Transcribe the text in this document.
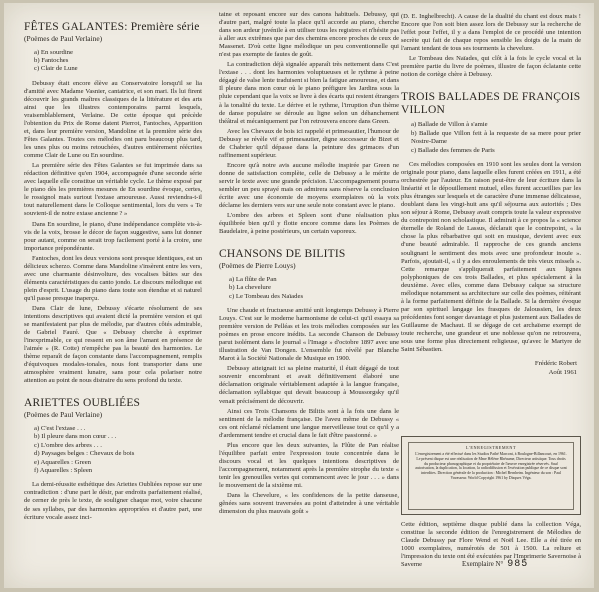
FÊTES GALANTES: Première série
(Poèmes de Paul Verlaine)
a) En sourdine
b) Fantoches
c) Clair de Lune

Debussy était encore élève au Conservatoire lorsqu'il se lia d'amitié avec Madame Vasnier, cantatrice, et son mari. Ils lui firent découvrir les grands maîtres classiques de la littérature et des arts ainsi que les illustres contemporains parmi lesquels, vraisemblablement, Verlaine. De cette époque qui précède l'obtention du Prix de Rome datent Pierrot, Fantoches, Apparition et, dans leur première version, Mandoline et la première série des Fêtes Galantes. Toutes ces mélodies ont paru beaucoup plus tard, les unes plus ou moins retouchées, d'autres entièrement réécrites comme Clair de Lune ou En sourdine.

La première série des Fêtes Galantes se fut imprimée dans sa rédaction définitive qu'en 1904, accompagnée d'une seconde série avec laquelle elle constitue un véritable cycle. Le thème exposé par le piano dès les premières mesures de En sourdine évoque, certes, le rossignol mais surtout l'extase amoureuse. Aussi reviendra-t-il tout naturellement dans le Colloque sentimental, lors du vers « Te souvient-il de notre extase ancienne ? »

Dans En sourdine, le piano, d'une indépendance complète vis-à-vis de la voix, brosse le décor de façon suggestive, sans lui donner pour autant, comme on serait trop facilement porté à la croire, une importance prépondérante.

Fantoches, dont les deux versions sont presque identiques, est un délicieux scherzo. Comme dans Mandoline s'insèrent entre les vers, avec une charmante désinvolture, des vocalises bâties sur des éléments caractéristiques du canto jondo. Le discours mélodique est plein d'esprit. L'usage du piano dans toute son étendue et si naturel qu'il passe presque inaperçu.

Dans Clair de lune, Debussy s'écarte résolument de ses intentions descriptives qui avaient dicté la première version et qui se manifestaient par plus de mélodie, par d'autres côtés admirable, de Gabriel Fauré. Que « Debussy cherche à exprimer l'inexprimable, ce qui ressent en son âme l'amant en présence de l'aimée » (R. Cotte) n'empêche pas la beauté des harmonies. Le thème reparaît de façon constante dans l'accompagnement, remplis d'équivoques modales-tonales, nous font transporter dans une atmosphère vraiment lunaire, sans pour cela polariser notre attention au point de nous distraire du sens profond du texte.

ARIETTES OUBLIÉES
(Poèmes de Paul Verlaine)
a) C'est l'extase . . .
b) Il pleure dans mon cœur . . .
c) L'ombre des arbres . . .
d) Paysages belges : Chevaux de bois
e) Aquarelles : Green
f) Aquarelles : Spleen

La demi-réussite esthétique des Ariettes Oubliées repose sur une contradiction : d'une part le désir, par endroits parfaitement réalisé, de cerner de près le texte, de souligner chaque mot, voire chacune de ses syllabes, par des harmonies appropriées et d'autre part, une écriture vocale assez inci-

taine et reposant encore sur des canons habituels. Debussy, qui d'autre part, malgré toute la place qu'il accorde au piano, cherche dans son ardeur juvénile à en utiliser tous les registres et n'hésite pas à aller aux extrêmes que par des chemins encore proches de ceux de Massenet. D'où cette ligne mélodique un peu conventionnelle qui n'est pas exempte de fautes de goût.

La contradiction déjà signalée apparaît très nettement dans C'est l'extase . . . dont les harmonies voluptueuses et le rythme à peine dégagé de valse lente traduisent si bien la fatigue amoureuse, et dans Il pleure dans mon cœur où le piano préfigure les Jardins sous la pluie cependant que la voix se livre à des écarts qui restent étrangers à la tonalité du texte. Le dérive et le rythme, l'irruption d'un thème de danse populaire se déroule au ligne selon un déhanchement théâtral et mécaniquement par l'on retrouvera encore dans Green.

Avec les Chevaux de bois ici rappelé et primesautier, l'humour de Debussy se révèle vif et primesautier, digne successeur de Bizet et de Chabrier qu'il dépasse dans la peinture des grimaces d'un raffinement supérieur.

Encore qu'à notre avis aucune mélodie inspirée par Green ne donne de satisfaction complète, celle de Debussy a le mérite de servir le texte avec une grande précision. L'accompagnement pourra sembler un peu sprayé mais on admirera sans réserve la conclusion écrite avec une économie de moyens exemplaires où la voix déclame les derniers vers sur une seule note constant avec le piano.

L'ombre des arbres et Spleen sont d'une réalisation plus équilibrée bien qu'il y flotte encore comme dans les Poèmes de Baudelaire, à peine postérieurs, un certain vaporeux.

CHANSONS DE BILITIS
(Poèmes de Pierre Louys)
a) La flûte de Pan
b) La chevelure
c) Le Tombeau des Naïades

Une chaude et fructueuse amitié unit longtemps Debussy à Pierre Louys. C'est sur le moderne harmonisme de celui-ci qu'il essaya sa première version de Pelléas et les trois mélodies composées sur les poèmes en prose encore inédits. La seconde Chanson de Debussy parut isolément dans le journal « l'Image » d'octobre 1897 avec une illustration de Van Dongen. L'ensemble fut révélé par Blanche Marot à la Société Nationale de Musique en 1900.

Debussy atteignait ici sa pleine maturité, il était dégagé de tout souvenir encombrant et avait définitivement élaboré une déclamation originale véritablement adaptée à la langue française, déclamation syllabique qui devait beaucoup à Moussorgsky qu'il venait précisément de découvrir.

Ainsi ces Trois Chansons de Bilitis sont à la fois une dans le sentiment de la mélodie française. De l'aveu même de Debussy « ces ont réclamé réclament une langue merveilleuse tout ce qu'il y a d'ardemment tendre et crucial dans le fait d'être passionné. »

Plus encore que les deux suivantes, la Flûte de Pan réalise l'équilibre parfait entre l'expression toute concentrée dans le discours vocal et les quelques intentions descriptives de l'accompagnement, notamment après la première strophe du texte « tenir les grenouilles vertes qui commencent avec le jour . . . » dans le mouvement de la sixième mi.

Dans la Chevelure, « les confidences de la petite danseuse, gênées sans souvent traversées au point d'atteindre à une véritable dimension du plus mauvais goût »

(D. E. Inghelbrecht). A cause de la dualité du chant est doux mais ! Encore que l'on soit bien assez lors de Debussy sur la recherche de l'effet pour l'effet, il y a dans l'emploi de ce procédé une intention secrète qui fait de chaque repos sensible les doigts de la main de l'amant tendant de tous ses tourments la chevelure.

Le Tombeau des Naïades, qui clôt à la fois le cycle vocal et la première partie du livre de poèmes, illustre de façon éclatante cette notion de cortège chère à Debussy.

TROIS BALLADES DE FRANÇOIS VILLON
a) Ballade de Villon à s'amie
b) Ballade que Villon feit à la requeste de sa mere pour prier Nostre-Dame
c) Ballade des femmes de Paris

Ces mélodies composées en 1910 sont les seules dont la version originale pour piano, dans laquelle elles furent créées en 1911, a été orchestrée par l'auteur. En raison peut-être de leur écriture dans la linéarité et le dépouillement mutuel, elles furent accueillies par les plus étranges sur lesquels et de caractère d'une immense délicatesse, doublant dans les vingt-huit ans qu'il séjourna aux autorités ; Des son séjour à Rome, Debussy avait compris toute la valeur expressive du contrepoint non scholastique. Il admirait à ce propos la « science éternelle de Roland de Lassus, déclarait que le contrepoint, « la chose la plus rébarbative qui soit en musique, devient avec eux d'une beauté admirable. Il rapproche de ces grands anciens soulignant le sentiment des mots avec une profondeur inouïe ». Parfois, ajoutait-il, « il y a des enroulements de très vieux missels ». Cette remarque s'appliquerait parfaitement aux lignes polyphoniques de ces trois Ballades, et plus spécialement à la deuxième. Avec elles, comme dans Debussy calque sa structure mélodique notamment sa architecture sur celle des poèmes, réitérant à la forme parfaitement définie de la Ballade. Si la dernière évoque par son spirituel langage les frasques de Jaloussien, les deux précédentes font songer davantage et plus justement aux Ballades de Guillaume de Machaut. Il se dégage de cet archaïsme exempt de toute recherche, une grandeur et une noblesse qu'on ne retrouvera, sous une forme plus directement religieuse, qu'avec le Martyre de Saint Sébastien.

Frédéric Robert
Août 1961
L'ENREGISTREMENT
L'enregistrement a été effectué dans les Studios Pathé Marconi, à Boulogne-Billancourt, en 1961. Le présent disque est une réalisation de Mme Hélène Rhéaume, Directeur artistique. Tous droits du producteur phonographique et du propriétaire de l'œuvre enregistrée réservés. Sauf autorisation, la duplication, la location, la radiodiffusion et l'exécution publique de ce disque sont interdites. Direction générale de la production : Michel Bernheim. Ingénieur du son : Paul Vavasseur. World Copyright 1961 by Disques Véga.
Cette édition, septième disque publié dans la collection Véga, constitue la seconde édition de l'enregistrement de Mélodies de Claude Debussy par Flore Wend et Noël Lee. Elle a été tirée en 1000 exemplaires, numérotés de 501 à 1500. La reliure et l'impression du texte ont été exécutées par l'Imprimerie Savernoise à Saverne	Exemplaire N° 985
